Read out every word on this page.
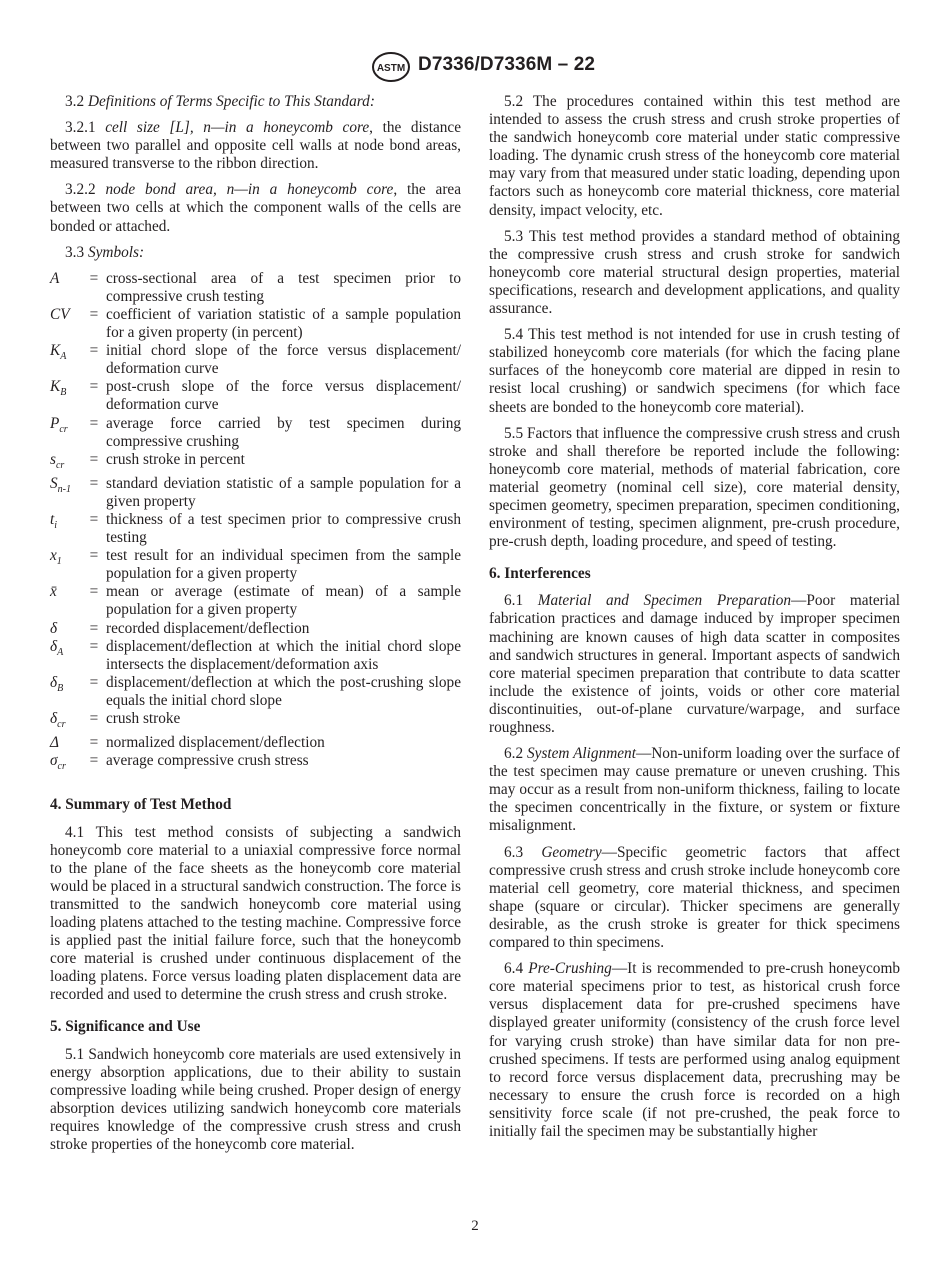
ASTM D7336/D7336M – 22

3.2 Definitions of Terms Specific to This Standard:

3.2.1 cell size [L], n—in a honeycomb core, the distance between two parallel and opposite cell walls at node bond areas, measured transverse to the ribbon direction.

3.2.2 node bond area, n—in a honeycomb core, the area between two cells at which the component walls of the cells are bonded or attached.

3.3 Symbols:

A	=	cross-sectional area of a test specimen prior to compressive crush testing
CV	=	coefficient of variation statistic of a sample population for a given property (in percent)
$K_A$	=	initial chord slope of the force versus displacement/ deformation curve
$K_B$	=	post-crush slope of the force versus displacement/ deformation curve
$P_{cr}$	=	average force carried by test specimen during compressive crushing
$s_{cr}$	=	crush stroke in percent
$S_{n-1}$	=	standard deviation statistic of a sample population for a given property
$t_i$	=	thickness of a test specimen prior to compressive crush testing
$x_1$	=	test result for an individual specimen from the sample population for a given property
x̄	=	mean or average (estimate of mean) of a sample population for a given property
δ	=	recorded displacement/deflection
$\delta_A$	=	displacement/deflection at which the initial chord slope intersects the displacement/deformation axis
$\delta_B$	=	displacement/deflection at which the post-crushing slope equals the initial chord slope
$\delta_{cr}$	=	crush stroke
Δ	=	normalized displacement/deflection
$\sigma_{cr}$	=	average compressive crush stress

4. Summary of Test Method

4.1 This test method consists of subjecting a sandwich honeycomb core material to a uniaxial compressive force normal to the plane of the face sheets as the honeycomb core material would be placed in a structural sandwich construction. The force is transmitted to the sandwich honeycomb core material using loading platens attached to the testing machine. Compressive force is applied past the initial failure force, such that the honeycomb core material is crushed under continuous displacement of the loading platens. Force versus loading platen displacement data are recorded and used to determine the crush stress and crush stroke.

5. Significance and Use

5.1 Sandwich honeycomb core materials are used extensively in energy absorption applications, due to their ability to sustain compressive loading while being crushed. Proper design of energy absorption devices utilizing sandwich honeycomb core materials requires knowledge of the compressive crush stress and crush stroke properties of the honeycomb core material.

5.2 The procedures contained within this test method are intended to assess the crush stress and crush stroke properties of the sandwich honeycomb core material under static compressive loading. The dynamic crush stress of the honeycomb core material may vary from that measured under static loading, depending upon factors such as honeycomb core material thickness, core material density, impact velocity, etc.

5.3 This test method provides a standard method of obtaining the compressive crush stress and crush stroke for sandwich honeycomb core material structural design properties, material specifications, research and development applications, and quality assurance.

5.4 This test method is not intended for use in crush testing of stabilized honeycomb core materials (for which the facing plane surfaces of the honeycomb core material are dipped in resin to resist local crushing) or sandwich specimens (for which face sheets are bonded to the honeycomb core material).

5.5 Factors that influence the compressive crush stress and crush stroke and shall therefore be reported include the following: honeycomb core material, methods of material fabrication, core material geometry (nominal cell size), core material density, specimen geometry, specimen preparation, specimen conditioning, environment of testing, specimen alignment, pre-crush procedure, pre-crush depth, loading procedure, and speed of testing.

6. Interferences

6.1 Material and Specimen Preparation—Poor material fabrication practices and damage induced by improper specimen machining are known causes of high data scatter in composites and sandwich structures in general. Important aspects of sandwich core material specimen preparation that contribute to data scatter include the existence of joints, voids or other core material discontinuities, out-of-plane curvature/warpage, and surface roughness.

6.2 System Alignment—Non-uniform loading over the surface of the test specimen may cause premature or uneven crushing. This may occur as a result from non-uniform thickness, failing to locate the specimen concentrically in the fixture, or system or fixture misalignment.

6.3 Geometry—Specific geometric factors that affect compressive crush stress and crush stroke include honeycomb core material cell geometry, core material thickness, and specimen shape (square or circular). Thicker specimens are generally desirable, as the crush stroke is greater for thick specimens compared to thin specimens.

6.4 Pre-Crushing—It is recommended to pre-crush honeycomb core material specimens prior to test, as historical crush force versus displacement data for pre-crushed specimens have displayed greater uniformity (consistency of the crush force level for varying crush stroke) than have similar data for non pre-crushed specimens. If tests are performed using analog equipment to record force versus displacement data, precrushing may be necessary to ensure the crush force is recorded on a high sensitivity force scale (if not pre-crushed, the peak force to initially fail the specimen may be substantially higher

2
